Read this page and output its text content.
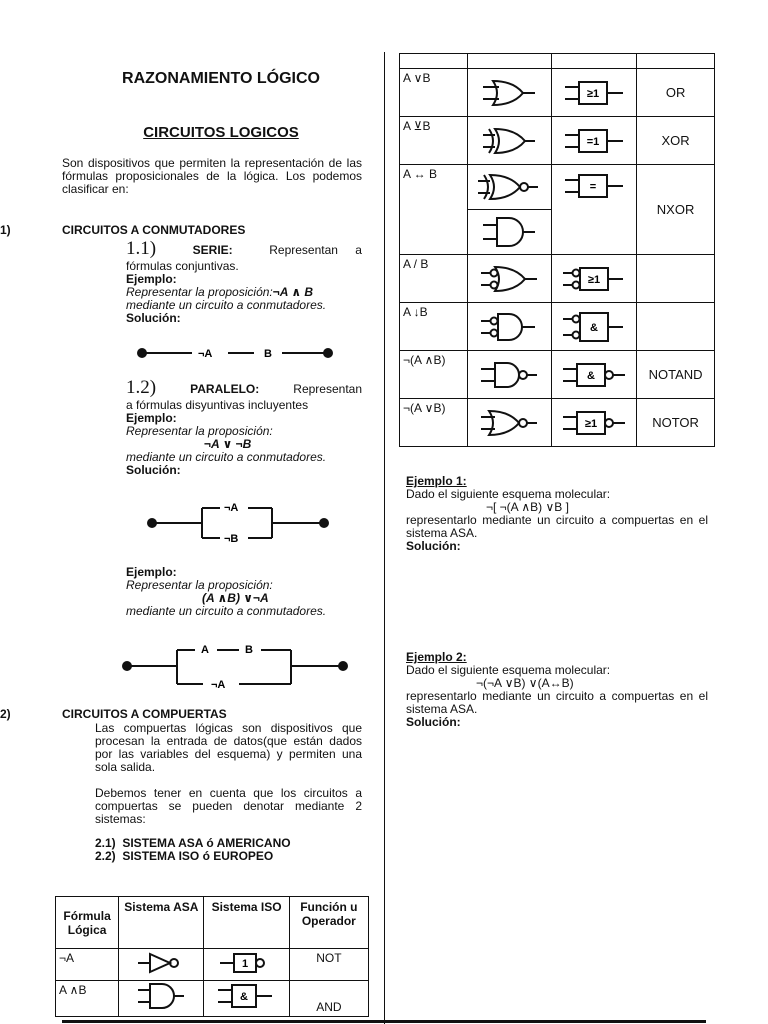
RAZONAMIENTO LÓGICO
CIRCUITOS LOGICOS
Son dispositivos que permiten la representación de las fórmulas proposicionales de la lógica. Los podemos clasificar en:
1)	CIRCUITOS A CONMUTADORES
1.1)	SERIE:	Representan a
fórmulas conjuntivas.
Ejemplo:
Representar la proposición:¬A ∧ B
mediante un circuito a conmutadores.
Solución:
¬A	B
1.2)	PARALELO:	Representan
a fórmulas disyuntivas incluyentes
Ejemplo:
Representar la proposición:
¬A ∨ ¬B
mediante un circuito a conmutadores.
Solución:
¬A
¬B
Ejemplo:
Representar la proposición:
(A ∧B) ∨¬A
mediante un circuito a conmutadores.
A	B
¬A
2)	CIRCUITOS A COMPUERTAS
Las compuertas lógicas son dispositivos que procesan la entrada de datos(que están dados por las variables del esquema) y permiten una sola salida.
Debemos tener en cuenta que los circuitos a compuertas se pueden denotar mediante 2 sistemas:
2.1)  SISTEMA ASA ó AMERICANO
2.2)  SISTEMA ISO ó EUROPEO
Fórmula Lógica	Sistema ASA	Sistema ISO	Función u Operador

¬A		1	NOT

A ∧B		&	AND

A ∨B		≥1	OR

A ⊻B		=1	XOR

A ↔ B		=	NXOR

A / B		≥1	

A ↓B		&	

¬(A ∧B)		&	NOTAND

¬(A ∨B)		≥1	NOTOR
Ejemplo 1:
Dado el siguiente esquema molecular:
¬[ ¬(A ∧B) ∨B ]
representarlo mediante un circuito a compuertas en el sistema ASA.
Solución:
Ejemplo 2:
Dado el siguiente esquema molecular:
¬(¬A ∨B) ∨(A↔B)
representarlo mediante un circuito a compuertas en el sistema ASA.
Solución:
